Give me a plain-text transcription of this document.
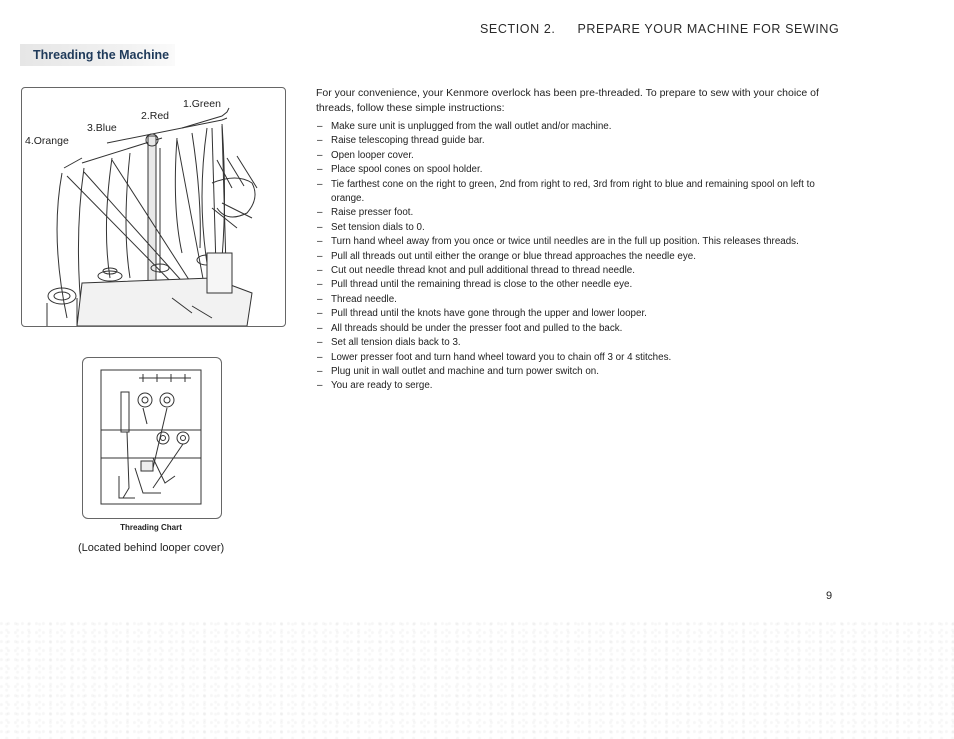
SECTION 2. PREPARE YOUR MACHINE FOR SEWING
Threading the Machine
1.Green
2.Red
3.Blue
4.Orange
Threading Chart
(Located behind looper cover)
For your convenience, your Kenmore overlock has been pre-threaded. To prepare to sew with your choice of threads, follow these simple instructions:
– Make sure unit is unplugged from the wall outlet and/or machine.
– Raise telescoping thread guide bar.
– Open looper cover.
– Place spool cones on spool holder.
– Tie farthest cone on the right to green, 2nd from right to red, 3rd from right to blue and remaining spool on left to orange.
– Raise presser foot.
– Set tension dials to 0.
– Turn hand wheel away from you once or twice until needles are in the full up position. This releases threads.
– Pull all threads out until either the orange or blue thread approaches the needle eye.
– Cut out needle thread knot and pull additional thread to thread needle.
– Pull thread until the remaining thread is close to the other needle eye.
– Thread needle.
– Pull thread until the knots have gone through the upper and lower looper.
– All threads should be under the presser foot and pulled to the back.
– Set all tension dials back to 3.
– Lower presser foot and turn hand wheel toward you to chain off 3 or 4 stitches.
– Plug unit in wall outlet and machine and turn power switch on.
– You are ready to serge.
9
